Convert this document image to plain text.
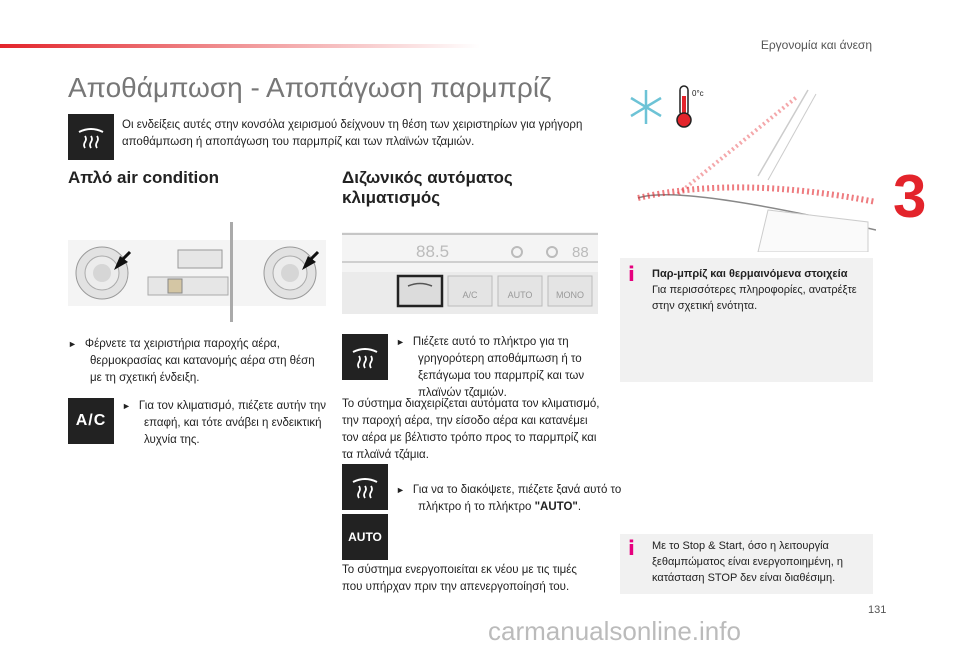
Εργονομία και άνεση
Αποθάμπωση - Αποπάγωση παρμπρίζ
Οι ενδείξεις αυτές στην κονσόλα χειρισμού δείχνουν τη θέση των χειριστηρίων για γρήγορη αποθάμπωση ή αποπάγωση του παρμπρίζ και των πλαϊνών τζαμιών.
Απλό air condition
► Φέρνετε τα χειριστήρια παροχής αέρα, θερμοκρασίας και κατανομής αέρα στη θέση με τη σχετική ένδειξη.
A/C
► Για τον κλιματισμό, πιέζετε αυτήν την επαφή, και τότε ανάβει η ενδεικτική λυχνία της.
Διζωνικός αυτόματος κλιματισμός
88.5	88
A/C	AUTO	MONO
► Πιέζετε αυτό το πλήκτρο για τη γρηγορότερη αποθάμπωση ή το ξεπάγωμα του παρμπρίζ και των πλαϊνών τζαμιών.
Το σύστημα διαχειρίζεται αυτόματα τον κλιματισμό, την παροχή αέρα, την είσοδο αέρα και κατανέμει τον αέρα με βέλτιστο τρόπο προς το παρμπρίζ και τα πλαϊνά τζάμια.
► Για να το διακόψετε, πιέζετε ξανά αυτό το πλήκτρο ή το πλήκτρο "AUTO".
AUTO
Το σύστημα ενεργοποιείται εκ νέου με τις τιμές που υπήρχαν πριν την απενεργοποίησή του.
0°c
3
i Παρ-μπρίζ και θερμαινόμενα στοιχεία
Για περισσότερες πληροφορίες, ανατρέξτε στην σχετική ενότητα.
i Με το Stop & Start, όσο η λειτουργία ξεθαμπώματος είναι ενεργοποιημένη, η κατάσταση STOP δεν είναι διαθέσιμη.
131
carmanualsonline.info
